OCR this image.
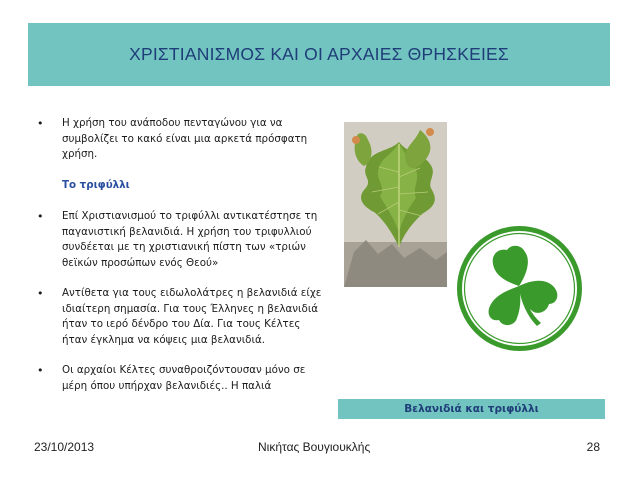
ΧΡΙΣΤΙΑΝΙΣΜΟΣ ΚΑΙ ΟΙ ΑΡΧΑΙΕΣ ΘΡΗΣΚΕΙΕΣ
• Η χρήση του ανάποδου πενταγώνου για να συμβολίζει το κακό είναι μια αρκετά πρόσφατη χρήση.
Το τριφύλλι
• Επί Χριστιανισμού το τριφύλλι αντικατέστησε τη παγανιστική βελανιδιά. Η χρήση του τριφυλλιού συνδέεται με τη χριστιανική πίστη των «τριών θεϊκών προσώπων ενός Θεού»
• Αντίθετα για τους ειδωλολάτρες η βελανιδιά είχε ιδιαίτερη σημασία. Για τους Έλληνες η βελανιδιά ήταν το ιερό δένδρο του Δία. Για τους Κέλτες ήταν έγκλημα να κόψεις μια βελανιδιά.
• Οι αρχαίοι Κέλτες συναθροιζόντουσαν μόνο σε μέρη όπου υπήρχαν βελανιδιές.. Η παλιά
Βελανιδιά και τριφύλλι
23/10/2013	Νικήτας Βουγιουκλής	28
